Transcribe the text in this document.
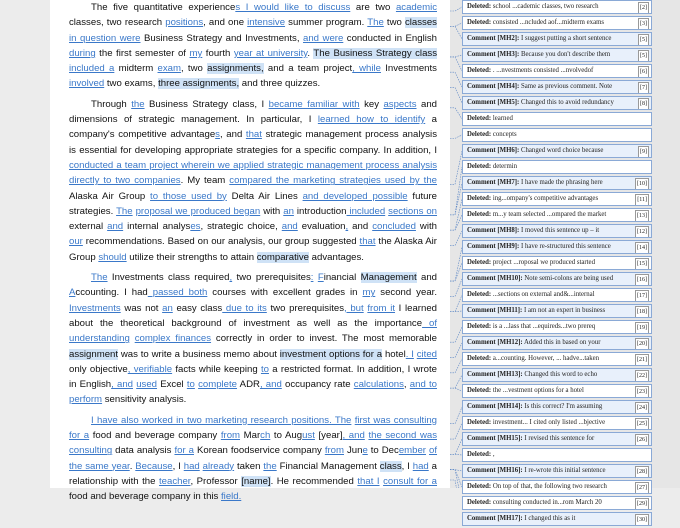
The five quantitative experiences I would like to discuss are two academic classes, two research positions, and one intensive summer program. The two classes in question were Business Strategy and Investments, and were conducted in English during the first semester of my fourth year at university. The Business Strategy class included a midterm exam, two assignments, and a team project, while Investments involved two exams, three assignments, and three quizzes.

Through the Business Strategy class, I became familiar with key aspects and dimensions of strategic management. In particular, I learned how to identify a company's competitive advantages, and that strategic management process analysis is essential for developing appropriate strategies for a specific company. In addition, I conducted a team project wherein we applied strategic management process analysis directly to two companies. My team compared the marketing strategies used by the Alaska Air Group to those used by Delta Air Lines and developed possible future strategies. The proposal we produced began with an introduction included sections on external and internal analyses, strategic choice, and evaluation, and concluded with our recommendations. Based on our analysis, our group suggested that the Alaska Air Group should utilize their strengths to attain comparative advantages.

The Investments class required, two prerequisites: Financial Management and Accounting. I had passed both courses with excellent grades in my second year. Investments was not an easy class due to its two prerequisites, but from it I learned about the theoretical background of investment as well as the importance of understanding complex finances correctly in order to invest. The most memorable assignment was to write a business memo about investment options for a hotel. I cited only objective, verifiable facts while keeping to a restricted format. In addition, I wrote in English, and used Excel to complete ADR, and occupancy rate calculations, and to perform sensitivity analysis.

I have also worked in two marketing research positions. The first was consulting for a food and beverage company from March to August [year], and the second was consulting data analysis for a Korean foodservice company from June to December of the same year. Because, I had already taken the Financial Management class, I had a relationship with the teacher, Professor [name]. He recommended that I consult for a food and beverage company in this field.

Deleted: school ...cademic classes, two research	[2]
Deleted: consisted ...ncluded aof...midterm exams	[3]
Comment [MH2]: I suggest putting a short sentence	[5]
Comment [MH3]: Because you don't describe them	[5]
Deleted: . ...nvestments consisted ...nvolvedof	[6]
Comment [MH4]: Same as previous comment. Note	[7]
Comment [MH5]: Changed this to avoid redundancy	[8]
Deleted: learned
Deleted: concepts
Comment [MH6]: Changed word choice because	[9]
Deleted: determin
Comment [MH7]: I have made the phrasing here	[10]
Deleted: ing...ompany's competitive advantages	[11]
Deleted: m...y team selected ...ompared the market	[13]
Comment [MH8]: I moved this sentence up – it	[12]
Comment [MH9]: I have re-structured this sentence	[14]
Deleted: project ...roposal we produced started	[15]
Comment [MH10]: Note semi-colons are being used	[16]
Deleted: ...sections on external and&...internal	[17]
Comment [MH11]: I am not an expert in business	[18]
Deleted: is a ...lass that ...equireds...two prereq	[19]
Comment [MH12]: Added this in based on your	[20]
Deleted: a...counting. However, ... hadve...taken	[21]
Comment [MH13]: Changed this word to echo	[22]
Deleted: the ...vestment options for a hotel	[23]
Comment [MH14]: Is this correct? I'm assuming	[24]
Deleted: investment... I cited only listed ...bjective	[25]
Comment [MH15]: I revised this sentence for	[26]
Deleted: ,
Comment [MH16]: I re-wrote this initial sentence	[28]
Deleted: On top of that, the following two research	[27]
Deleted: consulting conducted in...rom March 20	[29]
Comment [MH17]: I changed this as it	[30]
